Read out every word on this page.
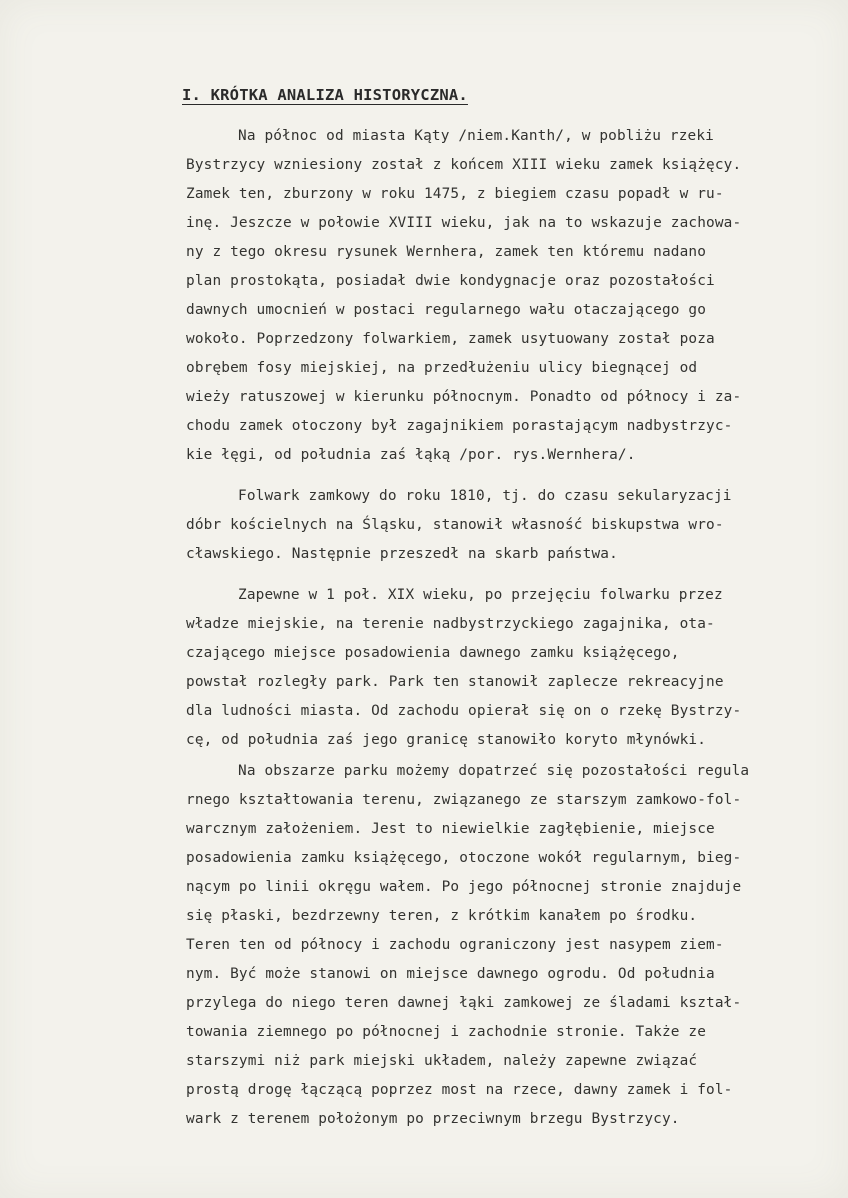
I. KRÓTKA ANALIZA HISTORYCZNA.
Na północ od miasta Kąty /niem.Kanth/, w pobliżu rzeki
Bystrzycy wzniesiony został z końcem XIII wieku zamek książęcy.
Zamek ten, zburzony w roku 1475, z biegiem czasu popadł w ru-
inę. Jeszcze w połowie XVIII wieku, jak na to wskazuje zachowa-
ny z tego okresu rysunek Wernhera, zamek ten któremu nadano
plan prostokąta, posiadał dwie kondygnacje oraz pozostałości
dawnych umocnień w postaci regularnego wału otaczającego go
wokoło. Poprzedzony folwarkiem, zamek usytuowany został poza
obrębem fosy miejskiej, na przedłużeniu ulicy biegnącej od
wieży ratuszowej w kierunku północnym. Ponadto od północy i za-
chodu zamek otoczony był zagajnikiem porastającym nadbystrzyc-
kie łęgi, od południa zaś łąką /por. rys.Wernhera/.
Folwark zamkowy do roku 1810, tj. do czasu sekularyzacji
dóbr kościelnych na Śląsku, stanowił własność biskupstwa wro-
cławskiego. Następnie przeszedł na skarb państwa.
Zapewne w 1 poł. XIX wieku, po przejęciu folwarku przez
władze miejskie, na terenie nadbystrzyckiego zagajnika, ota-
czającego miejsce posadowienia dawnego zamku książęcego,
powstał rozległy park. Park ten stanowił zaplecze rekreacyjne
dla ludności miasta. Od zachodu opierał się on o rzekę Bystrzy-
cę, od południa zaś jego granicę stanowiło koryto młynówki.
Na obszarze parku możemy dopatrzeć się pozostałości regula
rnego kształtowania terenu, związanego ze starszym zamkowo-fol-
warcznym założeniem. Jest to niewielkie zagłębienie, miejsce
posadowienia zamku książęcego, otoczone wokół regularnym, bieg-
nącym po linii okręgu wałem. Po jego północnej stronie znajduje
się płaski, bezdrzewny teren, z krótkim kanałem po środku.
Teren ten od północy i zachodu ograniczony jest nasypem ziem-
nym. Być może stanowi on miejsce dawnego ogrodu. Od południa
przylega do niego teren dawnej łąki zamkowej ze śladami kształ-
towania ziemnego po północnej i zachodnie stronie. Także ze
starszymi niż park miejski układem, należy zapewne związać
prostą drogę łączącą poprzez most na rzece, dawny zamek i fol-
wark z terenem położonym po przeciwnym brzegu Bystrzycy.
